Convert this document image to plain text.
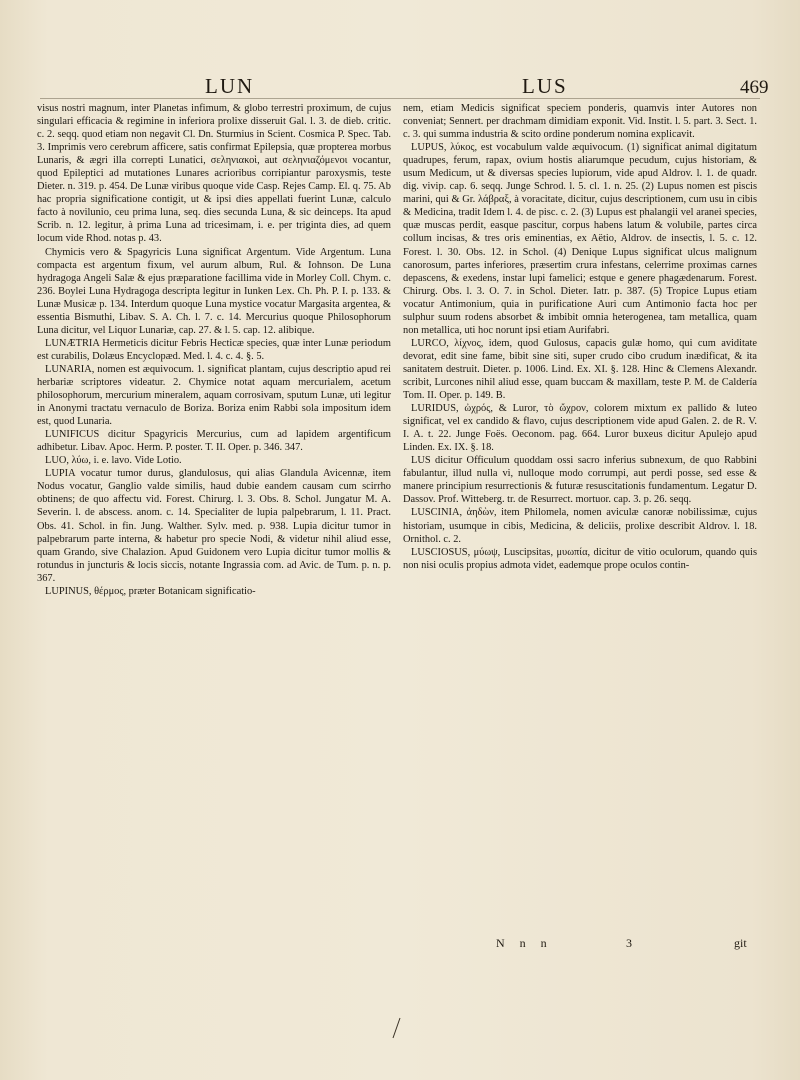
LUN	LUS	469

visus nostri magnum, inter Planetas infimum, & globo terrestri proximum, de cujus singulari efficacia & regimine in inferiora prolixe disseruit Gal. l. 3. de dieb. critic. c. 2. seqq. quod etiam non negavit Cl. Dn. Sturmius in Scient. Cosmica P. Spec. Tab. 3. Imprimis vero cerebrum afficere, satis confirmat Epilepsia, quæ propterea morbus Lunaris, & ægri illa correpti Lunatici, σεληνιακοὶ, aut σεληνιαζόμενοι vocantur, quod Epileptici ad mutationes Lunares acrioribus corripiantur paroxysmis, teste Dieter. n. 319. p. 454. De Lunæ viribus quoque vide Casp. Rejes Camp. El. q. 75. Ab hac propria significatione contigit, ut & ipsi dies appellati fuerint Lunæ, calculo facto à novilunio, ceu prima luna, seq. dies secunda Luna, & sic deinceps. Ita apud Scrib. n. 12. legitur, à prima Luna ad tricesimam, i. e. per triginta dies, ad quem locum vide Rhod. notas p. 43.

Chymicis vero & Spagyricis Luna significat Argentum. Vide Argentum. Luna compacta est argentum fixum, vel aurum album, Rul. & Iohnson. De Luna hydragoga Angeli Salæ & ejus præparatione facillima vide in Morley Coll. Chym. c. 236. Boylei Luna Hydragoga descripta legitur in Iunken Lex. Ch. Ph. P. I. p. 133. & Lunæ Musicæ p. 134. Interdum quoque Luna mystice vocatur Margasita argentea, & essentia Bismuthi, Libav. S. A. Ch. l. 7. c. 14. Mercurius quoque Philosophorum Luna dicitur, vel Liquor Lunariæ, cap. 27. & l. 5. cap. 12. alibique.

LUNÆTRIA Hermeticis dicitur Febris Hecticæ species, quæ inter Lunæ periodum est curabilis, Dolæus Encyclopæd. Med. l. 4. c. 4. §. 5.

LUNARIA, nomen est æquivocum. 1. significat plantam, cujus descriptio apud rei herbariæ scriptores videatur. 2. Chymice notat aquam mercurialem, acetum philosophorum, mercurium mineralem, aquam corrosivam, sputum Lunæ, uti legitur in Anonymi tractatu vernaculo de Boriza. Boriza enim Rabbi sola impositum idem est, quod Lunaria.

LUNIFICUS dicitur Spagyricis Mercurius, cum ad lapidem argentificum adhibetur. Libav. Apoc. Herm. P. poster. T. II. Oper. p. 346. 347.

LUO, λύω, i. e. lavo. Vide Lotio.

LUPIA vocatur tumor durus, glandulosus, qui alias Glandula Avicennæ, item Nodus vocatur, Ganglio valde similis, haud dubie eandem causam cum scirrho obtinens; de quo affectu vid. Forest. Chirurg. l. 3. Obs. 8. Schol. Jungatur M. A. Severin. l. de abscess. anom. c. 14. Specialiter de lupia palpebrarum, l. 11. Pract. Obs. 41. Schol. in fin. Jung. Walther. Sylv. med. p. 938. Lupia dicitur tumor in palpebrarum parte interna, & habetur pro specie Nodi, & videtur nihil aliud esse, quam Grando, sive Chalazion. Apud Guidonem vero Lupia dicitur tumor mollis & rotundus in juncturis & locis siccis, notante Ingrassia com. ad Avic. de Tum. p. n. p. 367.

LUPINUS, θέρμος, præter Botanicam significatio-

nem, etiam Medicis significat speciem ponderis, quamvis inter Autores non conveniat; Sennert. per drachmam dimidiam exponit. Vid. Instit. l. 5. part. 3. Sect. 1. c. 3. qui summa industria & scito ordine ponderum nomina explicavit.

LUPUS, λύκος, est vocabulum valde æquivocum. (1) significat animal digitatum quadrupes, ferum, rapax, ovium hostis aliarumque pecudum, cujus historiam, & usum Medicum, ut & diversas species lupiorum, vide apud Aldrov. l. 1. de quadr. dig. vivip. cap. 6. seqq. Junge Schrod. l. 5. cl. 1. n. 25. (2) Lupus nomen est piscis marini, qui & Gr. λάβραξ, à voracitate, dicitur, cujus descriptionem, cum usu in cibis & Medicina, tradit Idem l. 4. de pisc. c. 2. (3) Lupus est phalangii vel aranei species, quæ muscas perdit, easque pascitur, corpus habens latum & volubile, partes circa collum incisas, & tres oris eminentias, ex Aëtio, Aldrov. de insectis, l. 5. c. 12. Forest. l. 30. Obs. 12. in Schol. (4) Denique Lupus significat ulcus malignum canorosum, partes inferiores, præsertim crura infestans, celerrime proximas carnes depascens, & exedens, instar lupi famelici; estque e genere phagædenarum. Forest. Chirurg. Obs. l. 3. O. 7. in Schol. Dieter. Iatr. p. 387. (5) Tropice Lupus etiam vocatur Antimonium, quia in purificatione Auri cum Antimonio facta hoc per sulphur suum rodens absorbet & imbibit omnia heterogenea, tam metallica, quam non metallica, uti hoc norunt ipsi etiam Aurifabri.

LURCO, λίχνος, idem, quod Gulosus, capacis gulæ homo, qui cum aviditate devorat, edit sine fame, bibit sine siti, super crudo cibo crudum inædificat, & ita sanitatem destruit. Dieter. p. 1006. Lind. Ex. XI. §. 128. Hinc & Clemens Alexandr. scribit, Lurcones nihil aliud esse, quam buccam & maxillam, teste P. M. de Caldería Tom. II. Oper. p. 149. B.

LURIDUS, ὠχρός, & Luror, τὸ ὤχρον, colorem mixtum ex pallido & luteo significat, vel ex candido & flavo, cujus descriptionem vide apud Galen. 2. de R. V. I. A. t. 22. Junge Foës. Oeconom. pag. 664. Luror buxeus dicitur Apulejo apud Linden. Ex. IX. §. 18.

LUS dicitur Officulum quoddam ossi sacro inferius subnexum, de quo Rabbini fabulantur, illud nulla vi, nulloque modo corrumpi, aut perdi posse, sed esse & manere principium resurrectionis & futuræ resuscitationis fundamentum. Legatur D. Dassov. Prof. Witteberg. tr. de Resurrect. mortuor. cap. 3. p. 26. seqq.

LUSCINIA, ἀηδὼν, item Philomela, nomen aviculæ canoræ nobilissimæ, cujus historiam, usumque in cibis, Medicina, & deliciis, prolixe describit Aldrov. l. 18. Ornithol. c. 2.

LUSCIOSUS, μύωψ, Luscipsitas, μυωπία, dicitur de vitio oculorum, quando quis non nisi oculis propius admota videt, eademque prope oculos contin-

N n n	3	git
